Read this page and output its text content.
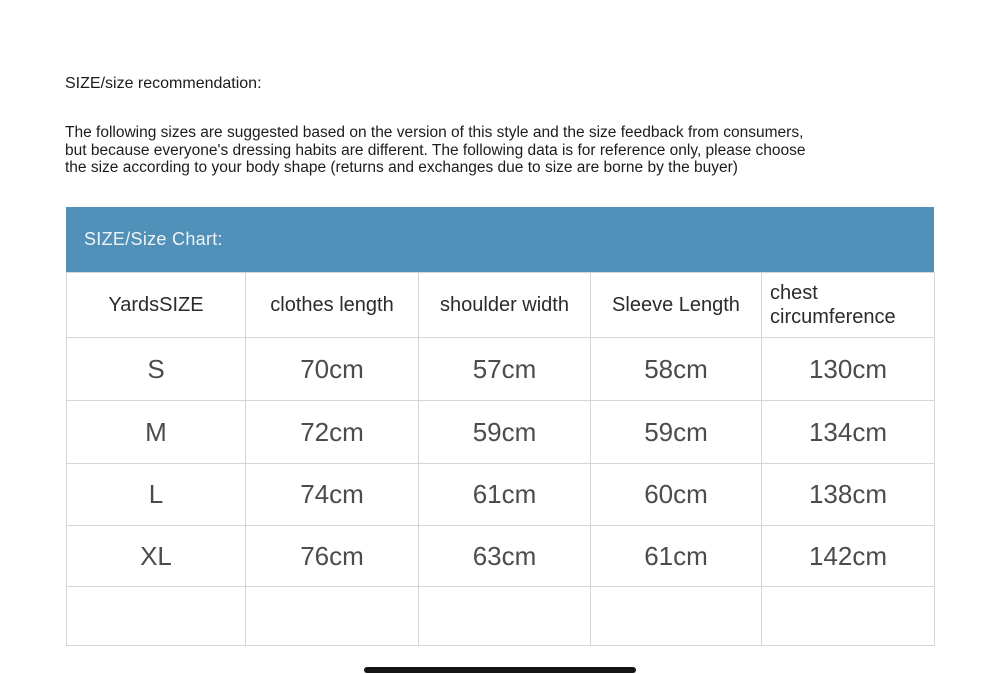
SIZE/size recommendation:
The following sizes are suggested based on the version of this style and the size feedback from consumers,
but because everyone's dressing habits are different. The following data is for reference only, please choose
the size according to your body shape (returns and exchanges due to size are borne by the buyer)
SIZE/Size Chart:
YardsSIZE	clothes length	shoulder width	Sleeve Length	chest
circumference

S	70cm	57cm	58cm	130cm
M	72cm	59cm	59cm	134cm
L	74cm	61cm	60cm	138cm
XL	76cm	63cm	61cm	142cm
